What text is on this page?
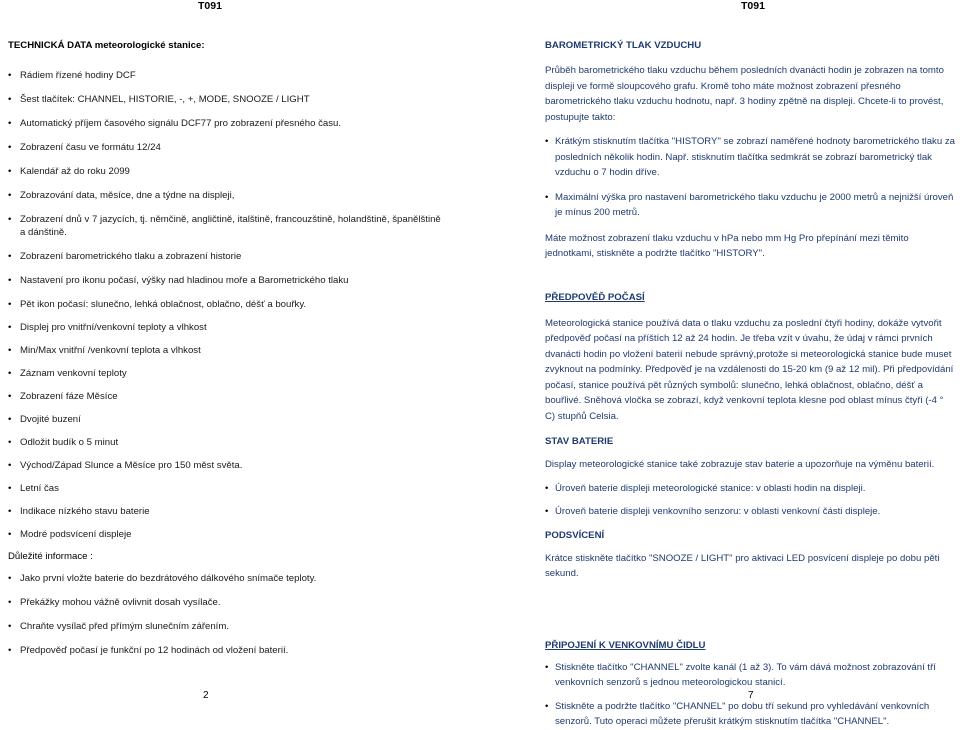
T091	T091
TECHNICKÁ DATA meteorologické stanice:
• Rádiem řízené hodiny DCF
• Šest tlačítek: CHANNEL, HISTORIE, -, +, MODE, SNOOZE / LIGHT
• Automatický příjem časového signálu DCF77 pro zobrazení přesného času.
• Zobrazení času ve formátu 12/24
• Kalendář až do roku 2099
• Zobrazování data, měsíce, dne a týdne na displeji,
• Zobrazení dnů v 7 jazycích, tj. němčině, angličtině, italštině, francouzštině, holandštině, španělštině a dánštině.
• Zobrazení barometrického tlaku a zobrazení historie
• Nastavení pro ikonu počasí, výšky nad hladinou moře a Barometrického tlaku
• Pět ikon počasí: slunečno, lehká oblačnost, oblačno, déšť a bouřky.
• Displej pro vnitřní/venkovní teploty a vlhkost
• Min/Max vnitřní /venkovní teplota a vlhkost
• Záznam venkovní teploty
• Zobrazení fáze Měsíce
• Dvojité buzení
• Odložit budík o 5 minut
• Východ/Západ Slunce a Měsíce pro 150 měst světa.
• Letní čas
• Indikace nízkého stavu baterie
• Modré podsvícení displeje
Důležité informace :
• Jako první vložte baterie do bezdrátového dálkového snímače teploty.
• Překážky mohou vážně ovlivnit dosah vysílače.
• Chraňte vysílač před přímým slunečním zářením.
• Předpověď počasí je funkční po 12 hodinách od vložení baterií.
BAROMETRICKÝ TLAK VZDUCHU
Průběh barometrického tlaku vzduchu během posledních dvanácti hodin je zobrazen na tomto displeji ve formě sloupcového grafu. Kromě toho máte možnost zobrazení přesného barometrického tlaku vzduchu hodnotu, např. 3 hodiny zpětně na displeji. Chcete-li to provést, postupujte takto:
• Krátkým stisknutím tlačítka "HISTORY" se zobrazí naměřené hodnoty barometrického tlaku za posledních několik hodin. Např. stisknutím tlačítka sedmkrát se zobrazí barometrický tlak vzduchu o 7 hodin dříve.
• Maximální výška pro nastavení barometrického tlaku vzduchu je 2000 metrů a nejnižší úroveň je mínus 200 metrů.
Máte možnost zobrazení tlaku vzduchu v hPa nebo mm Hg Pro přepínání mezi těmito jednotkami, stiskněte a podržte tlačítko "HISTORY".
PŘEDPOVĚĎ POČASÍ
Meteorologická stanice používá data o tlaku vzduchu za poslední čtyři hodiny, dokáže vytvořit předpověď počasí na příštích 12 až 24 hodin. Je třeba vzít v úvahu, že údaj v rámci prvních dvanácti hodin po vložení baterií nebude správný,protože si meteorologická stanice bude muset zvyknout na podmínky. Předpověď je na vzdálenosti do 15-20 km (9 až 12 mil). Při předpovídání počasí, stanice používá pět různých symbolů: slunečno, lehká oblačnost, oblačno, déšť a bouřlivé. Sněhová vločka se zobrazí, když venkovní teplota klesne pod oblast mínus čtyři (-4 ° C) stupňů Celsia.
STAV BATERIE
Display meteorologické stanice také zobrazuje stav baterie a upozorňuje na výměnu baterií.
• Úroveň baterie displeji meteorologické stanice: v oblasti hodin na displeji.
• Úroveň baterie displeji venkovního senzoru: v oblasti venkovní části displeje.
PODSVÍCENÍ
Krátce stiskněte tlačítko "SNOOZE / LIGHT" pro aktivaci LED posvícení displeje po dobu pěti sekund.
PŘIPOJENÍ K VENKOVNÍMU ČIDLU
• Stiskněte tlačítko "CHANNEL" zvolte kanál (1 až 3). To vám dává možnost zobrazování tří venkovních senzorů s jednou meteorologickou stanicí.
• Stiskněte a podržte tlačítko "CHANNEL" po dobu tří sekund pro vyhledávání venkovních senzorů. Tuto operaci můžete přerušit krátkým stisknutím tlačítka "CHANNEL".
2	7
